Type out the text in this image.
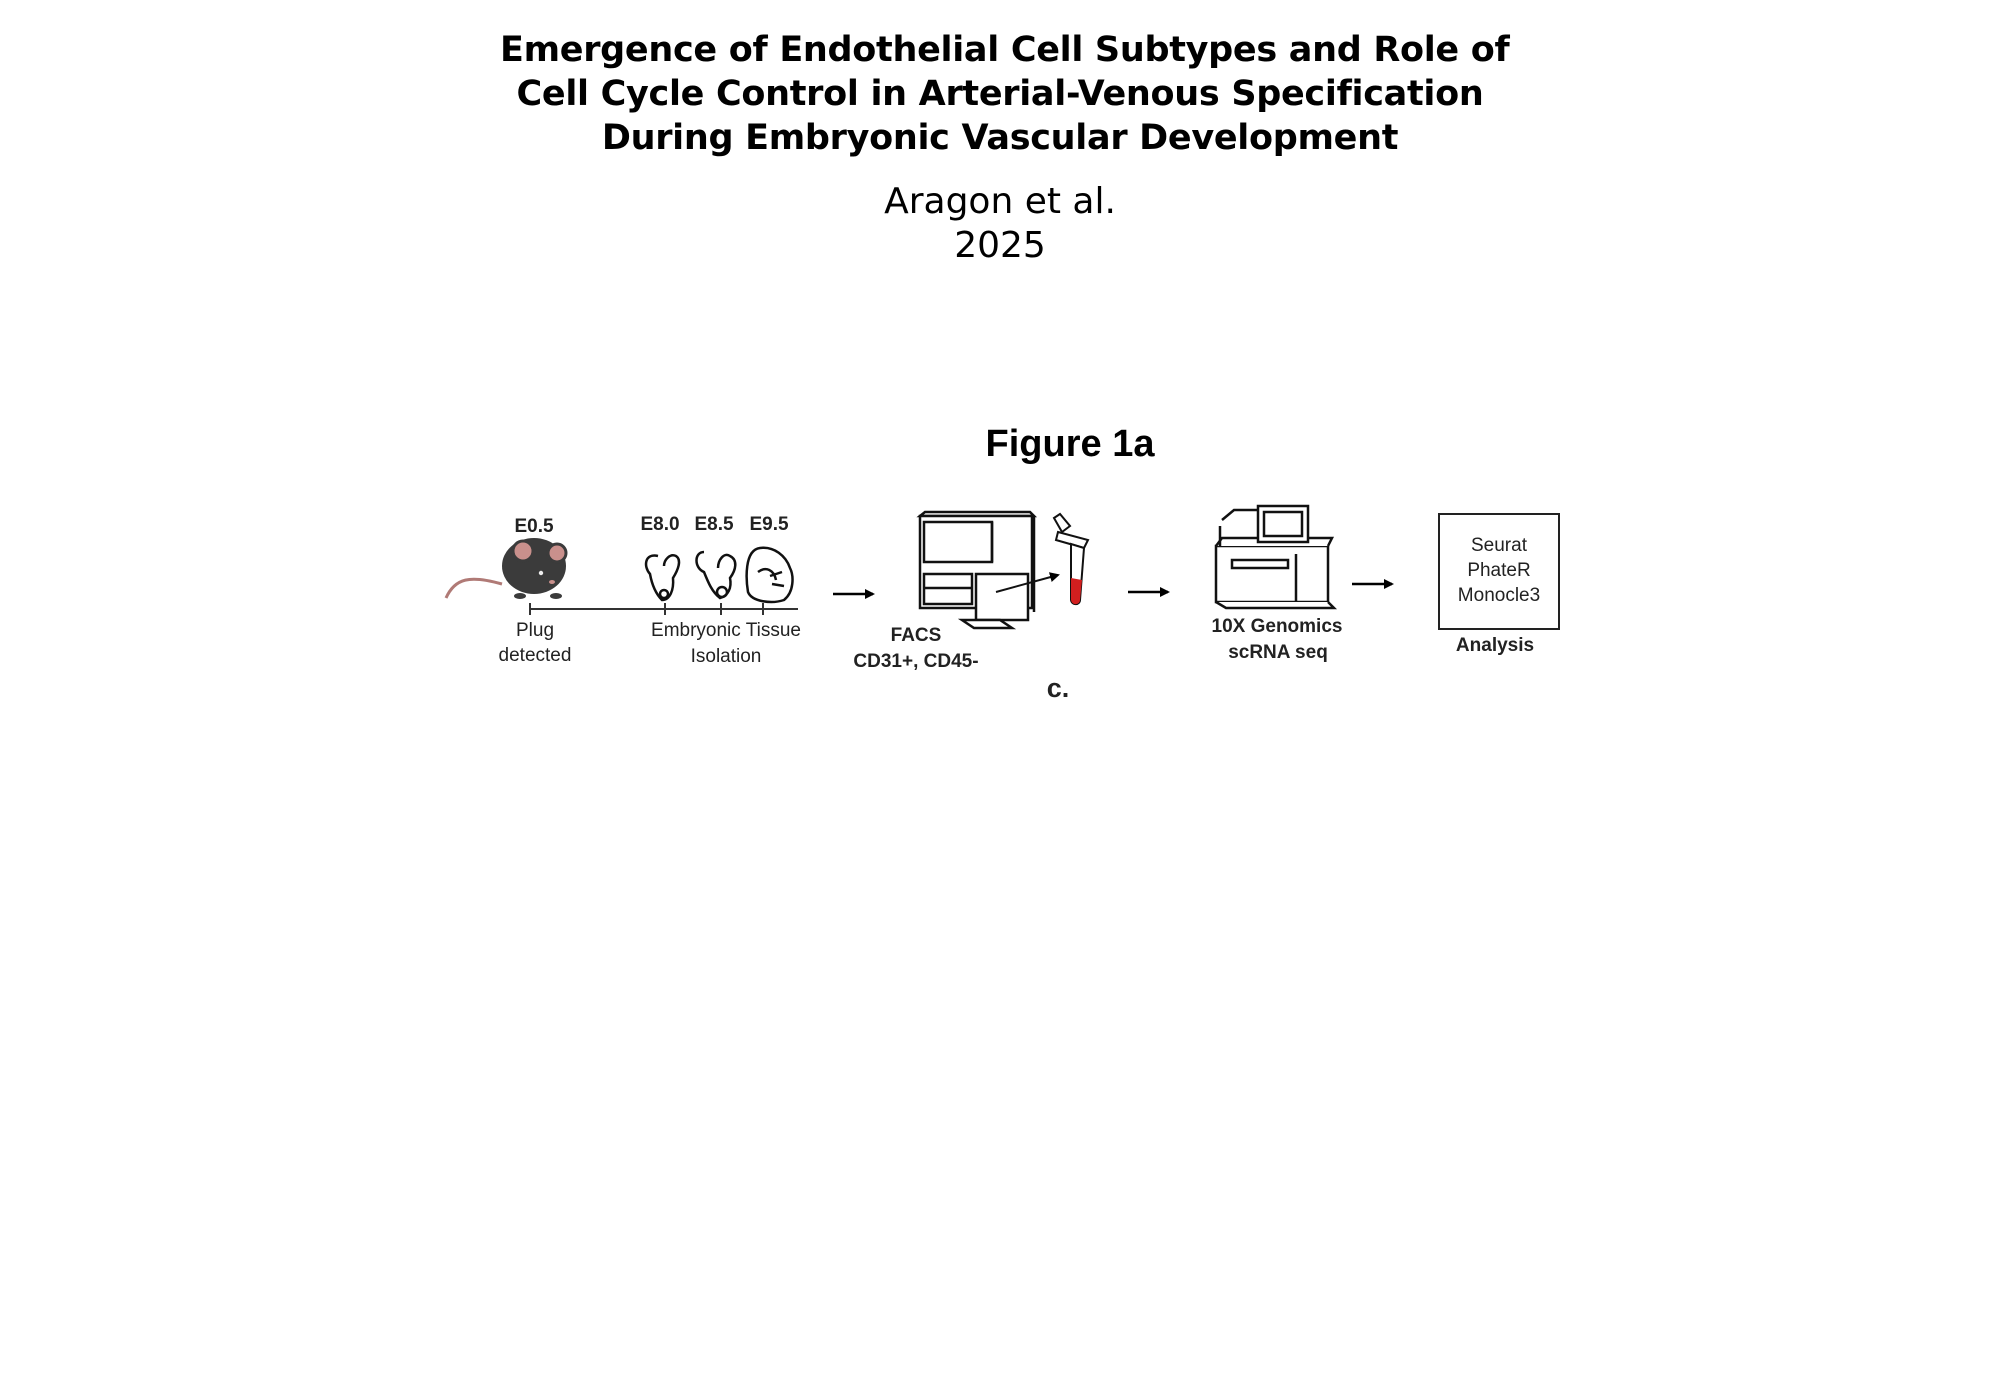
Emergence of Endothelial Cell Subtypes and Role of
Cell Cycle Control in Arterial-Venous Specification
During Embryonic Vascular Development
Aragon et al.
2025
Figure 1a
E0.5	E8.0 E8.5 E9.5
Plug
detected
Embryonic Tissue
Isolation
FACS
CD31+, CD45-
10X Genomics
scRNA seq
Seurat
PhateR
Monocle3
Analysis
c.
